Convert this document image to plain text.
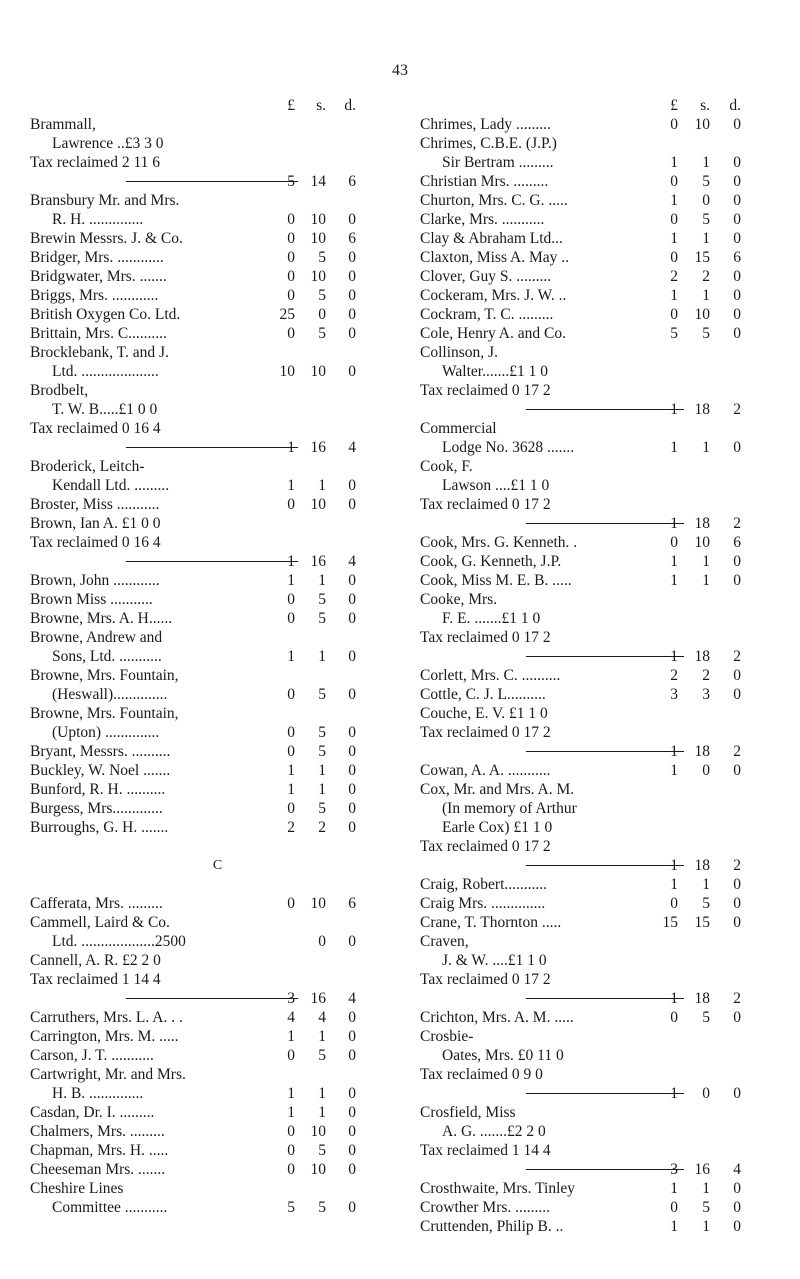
43
£	s.	d.
Brammall,
Lawrence ..£3 3 0
Tax reclaimed 2 11 6
5	14	6
Bransbury Mr. and Mrs.
R. H. ..............	0	10	0
Brewin Messrs. J. & Co.	0	10	6
Bridger, Mrs. ............	0	5	0
Bridgwater, Mrs. .......	0	10	0
Briggs, Mrs. ............	0	5	0
British Oxygen Co. Ltd.	25	0	0
Brittain, Mrs. C..........	0	5	0
Brocklebank, T. and J.
Ltd. ....................	10	10	0
Brodbelt,
T. W. B.....£1 0 0
Tax reclaimed 0 16 4
1	16	4
Broderick, Leitch-
Kendall Ltd. .........	1	1	0
Broster, Miss ...........	0	10	0
Brown, Ian A. £1 0 0
Tax reclaimed 0 16 4
1	16	4
Brown, John ............	1	1	0
Brown Miss ...........	0	5	0
Browne, Mrs. A. H......	0	5	0
Browne, Andrew and
Sons, Ltd. ...........	1	1	0
Browne, Mrs. Fountain,
(Heswall)..............	0	5	0
Browne, Mrs. Fountain,
(Upton) ..............	0	5	0
Bryant, Messrs. ..........	0	5	0
Buckley, W. Noel .......	1	1	0
Bunford, R. H. ..........	1	1	0
Burgess, Mrs.............	0	5	0
Burroughs, G. H. .......	2	2	0
C
Cafferata, Mrs. .........	0	10	6
Cammell, Laird & Co.
Ltd. ...................2500	0	0
Cannell, A. R. £2 2 0
Tax reclaimed 1 14 4
3	16	4
Carruthers, Mrs. L. A. . .	4	4	0
Carrington, Mrs. M. .....	1	1	0
Carson, J. T. ...........	0	5	0
Cartwright, Mr. and Mrs.
H. B. ..............	1	1	0
Casdan, Dr. I. .........	1	1	0
Chalmers, Mrs. .........	0	10	0
Chapman, Mrs. H. .....	0	5	0
Cheeseman Mrs. .......	0	10	0
Cheshire Lines
Committee ...........	5	5	0
£	s.	d.
Chrimes, Lady .........	0	10	0
Chrimes, C.B.E. (J.P.)
Sir Bertram .........	1	1	0
Christian Mrs. .........	0	5	0
Churton, Mrs. C. G. .....	1	0	0
Clarke, Mrs. ...........	0	5	0
Clay & Abraham Ltd...	1	1	0
Claxton, Miss A. May ..	0	15	6
Clover, Guy S. .........	2	2	0
Cockeram, Mrs. J. W. ..	1	1	0
Cockram, T. C. .........	0	10	0
Cole, Henry A. and Co.	5	5	0
Collinson, J.
Walter.......£1 1 0
Tax reclaimed 0 17 2
1	18	2
Commercial
Lodge No. 3628 .......	1	1	0
Cook, F.
Lawson ....£1 1 0
Tax reclaimed 0 17 2
1	18	2
Cook, Mrs. G. Kenneth. .	0	10	6
Cook, G. Kenneth, J.P.	1	1	0
Cook, Miss M. E. B. .....	1	1	0
Cooke, Mrs.
F. E. .......£1 1 0
Tax reclaimed 0 17 2
1	18	2
Corlett, Mrs. C. ..........	2	2	0
Cottle, C. J. L..........	3	3	0
Couche, E. V. £1 1 0
Tax reclaimed 0 17 2
1	18	2
Cowan, A. A. ...........	1	0	0
Cox, Mr. and Mrs. A. M.
(In memory of Arthur
Earle Cox) £1 1 0
Tax reclaimed 0 17 2
1	18	2
Craig, Robert...........	1	1	0
Craig Mrs. ..............	0	5	0
Crane, T. Thornton .....	15	15	0
Craven,
J. & W. ....£1 1 0
Tax reclaimed 0 17 2
1	18	2
Crichton, Mrs. A. M. .....	0	5	0
Crosbie-
Oates, Mrs. £0 11 0
Tax reclaimed 0 9 0
1	0	0
Crosfield, Miss
A. G. .......£2 2 0
Tax reclaimed 1 14 4
3	16	4
Crosthwaite, Mrs. Tinley	1	1	0
Crowther Mrs. .........	0	5	0
Cruttenden, Philip B. ..	1	1	0
